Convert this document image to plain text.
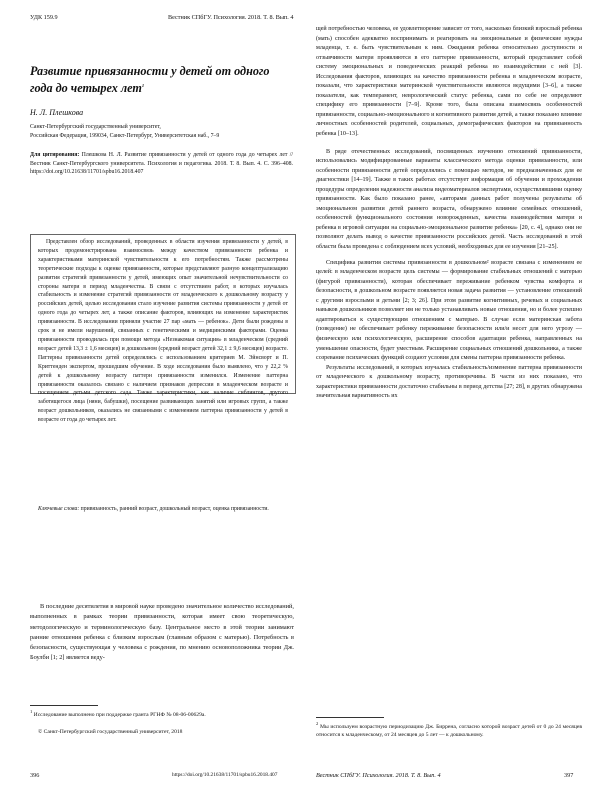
УДК 159.9	Вестник СПбГУ. Психология. 2018. Т. 8. Вып. 4
Развитие привязанности у детей от одного года до четырех лет$^1$
Н. Л. Плешкова
Санкт-Петербургский государственный университет,
Российская Федерация, 199034, Санкт-Петербург, Университетская наб., 7–9
Для цитирования: Плешкова Н. Л. Развитие привязанности у детей от одного года до четырех лет // Вестник Санкт-Петербургского университета. Психология и педагогика. 2018. Т. 8. Вып. 4. С. 396–408. https://doi.org/10.21638/11701/spbu16.2018.407

Представлен обзор исследований, проведенных в области изучения привязанности у детей, в которых продемонстрирована взаимосвязь между качеством привязанности ребенка и характеристиками материнской чувствительности к его потребностям. Также рассмотрены теоретические подходы к оценке привязанности, которые представляют разную концептуализацию развития стратегий привязанности у детей, имеющих опыт значительной нечувствительности со стороны матери в период младенчества. В связи с отсутствием работ, в которых изучалась стабильность и изменение стратегий привязанности от младенческого к дошкольному возрасту у российских детей, целью исследования стало изучение развития системы привязанности у детей от одного года до четырех лет, а также описание факторов, влияющих на изменение характеристик привязанности. В исследовании приняли участие 27 пар «мать — ребенок». Дети были рождены в срок и не имели нарушений, связанных с генетическими и медицинскими факторами. Оценка привязанности проводилась при помощи метода «Незнакомая ситуация» в младенческом (средний возраст детей 13,3 ± 1,6 месяцев) и дошкольном (средний возраст детей 32,1 ± 9,6 месяцев) возрасте. Паттерны привязанности детей определялись с использованием критериев М. Эйнсворт и П. Криттенден экспертом, прошедшим обучение. В ходе исследования было выявлено, что у 22,2 % детей к дошкольному возрасту паттерн привязанности изменился. Изменение паттерна привязанности оказалось связано с наличием признаков депрессии в младенческом возрасте и посещением детьми детского сада. Также характеристики, как наличие сиблингов, другого заботящегося лица (няни, бабушки), посещение развивающих занятий или игровых групп, а также возраст дошкольников, оказались не связанными с изменением паттерна привязанности у детей в возрасте от года до четырех лет.

Ключевые слова: привязанность, ранний возраст, дошкольный возраст, оценка привязанности.

В последние десятилетия в мировой науке проведено значительное количество исследований, выполненных в рамках теории привязанности, которая имеет свою теоретическую, методологическую и терминологическую базу. Центральное место в этой теории занимают ранние отношения ребенка с близким взрослым (главным образом с матерью). Потребность в безопасности, существующая у человека с рождения, по мнению основоположника теории Дж. Боулби [1; 2] является веду-

$^1$ Исследование выполнено при поддержке гранта РГНФ № 08-06-00629а.
© Санкт-Петербургский государственный университет, 2018
396	https://doi.org/10.21638/11701/spbu16.2018.407

щей потребностью человека, ее удовлетворение зависит от того, насколько близкий взрослый ребенка (мать) способен адекватно воспринимать и реагировать на эмоциональные и физические нужды младенца, т. е. быть чувствительным к ним. Ожидания ребенка относительно доступности и отзывчивости матери проявляются в его паттерне привязанности, который представляет собой систему эмоциональных и поведенческих реакций ребенка во взаимодействии с ней [3]. Исследования факторов, влияющих на качество привязанности ребенка в младенческом возрасте, показали, что характеристики материнской чувствительности являются ведущими [3–6], а также показатели, как темперамент, неврологический статус ребенка, сами по себе не определяют специфику его привязанности [7–9]. Кроме того, была описана взаимосвязь особенностей привязанности, социально-эмоционального и когнитивного развития детей, а также показано влияние личностных особенностей родителей, социальных, демографических факторов на привязанность ребенка [10–13].

В ряде отечественных исследований, посвященных изучению отношений привязанности, использовались модифицированные варианты классического метода оценки привязанности, или особенности привязанности детей определялись с помощью методов, не предназначенных для ее диагностики [14–19]. Также в таких работах отсутствует информация об обучении и прохождении процедуры определения надежности анализа видеоматериалов экспертами, осуществлявшими оценку привязанности. Как было показано ранее, «авторами данных работ получены результаты об эмоциональном развитии детей раннего возраста, обнаружено влияние семейных отношений, особенностей функционального состояния новорожденных, качества взаимодействия матери и ребенка в игровой ситуации на социально-эмоциональное развитие ребенка» [20, с. 4], однако они не позволяют делать вывод о качестве привязанности российских детей. Часть исследований в этой области была проведена с соблюдением всех условий, необходимых для ее изучения [21–25].

Специфика развития системы привязанности в дошкольном² возрасте связана с изменением ее целей: в младенческом возрасте цель системы — формирование стабильных отношений с матерью (фигурой привязанности), которая обеспечивает переживание ребенком чувства комфорта и безопасности, в дошкольном возрасте появляется новая задача развития — установление отношений с другими взрослыми и детьми [2; 3; 26]. При этом развитие когнитивных, речевых и социальных навыков дошкольников позволяет им не только устанавливать новые отношения, но и более успешно адаптироваться к существующим отношениям с матерью. В случае если материнская забота (поведение) не обеспечивает ребенку переживание безопасности или/и несет для него угрозу — физическую или психологическую, расширение способов адаптации ребенка, направленных на уменьшение опасности, будет уместным. Расширение социальных отношений дошкольника, а также созревание психических функций создают условия для смены паттерна привязанности ребенка.

Результаты исследований, в которых изучалась стабильность/изменение паттерна привязанности от младенческого к дошкольному возрасту, противоречивы. В части из них показано, что характеристики привязанности достаточно стабильны в период детства [27; 28], в других обнаружена значительная вариативность их

$^2$ Мы используем возрастную периодизацию Дж. Биррена, согласно которой возраст детей от 0 до 24 месяцев относится к младенческому, от 24 месяцев до 5 лет — к дошкольному.
Вестник СПбГУ. Психология. 2018. Т. 8. Вып. 4	397
